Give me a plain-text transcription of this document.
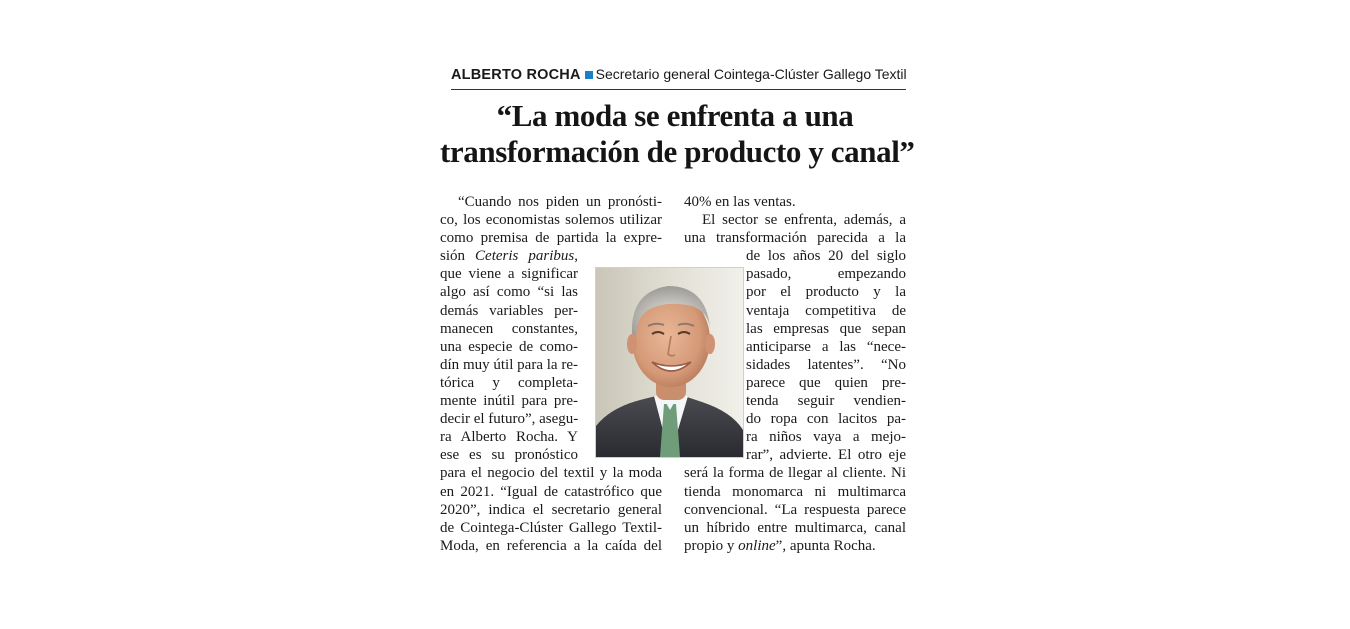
ALBERTO ROCHA Secretario general Cointega-Clúster Gallego Textil
“La moda se enfrenta a una
transformación de producto y canal”
“Cuando nos piden un pronósti-
co, los economistas solemos utilizar
como premisa de partida la expre-
sión Ceteris paribus,
que viene a significar
algo así como “si las
demás variables per-
manecen constantes,
una especie de como-
dín muy útil para la re-
tórica y completa-
mente inútil para pre-
decir el futuro”, asegu-
ra Alberto Rocha. Y
ese es su pronóstico
para el negocio del textil y la moda
en 2021. “Igual de catastrófico que
2020”, indica el secretario general
de Cointega-Clúster Gallego Textil-
Moda, en referencia a la caída del
40% en las ventas.
El sector se enfrenta, además, a
una transformación parecida a la
de los años 20 del siglo
pasado, empezando
por el producto y la
ventaja competitiva de
las empresas que sepan
anticiparse a las “nece-
sidades latentes”. “No
parece que quien pre-
tenda seguir vendien-
do ropa con lacitos pa-
ra niños vaya a mejo-
rar”, advierte. El otro eje
será la forma de llegar al cliente. Ni
tienda monomarca ni multimarca
convencional. “La respuesta parece
un híbrido entre multimarca, canal
propio y online”, apunta Rocha.
